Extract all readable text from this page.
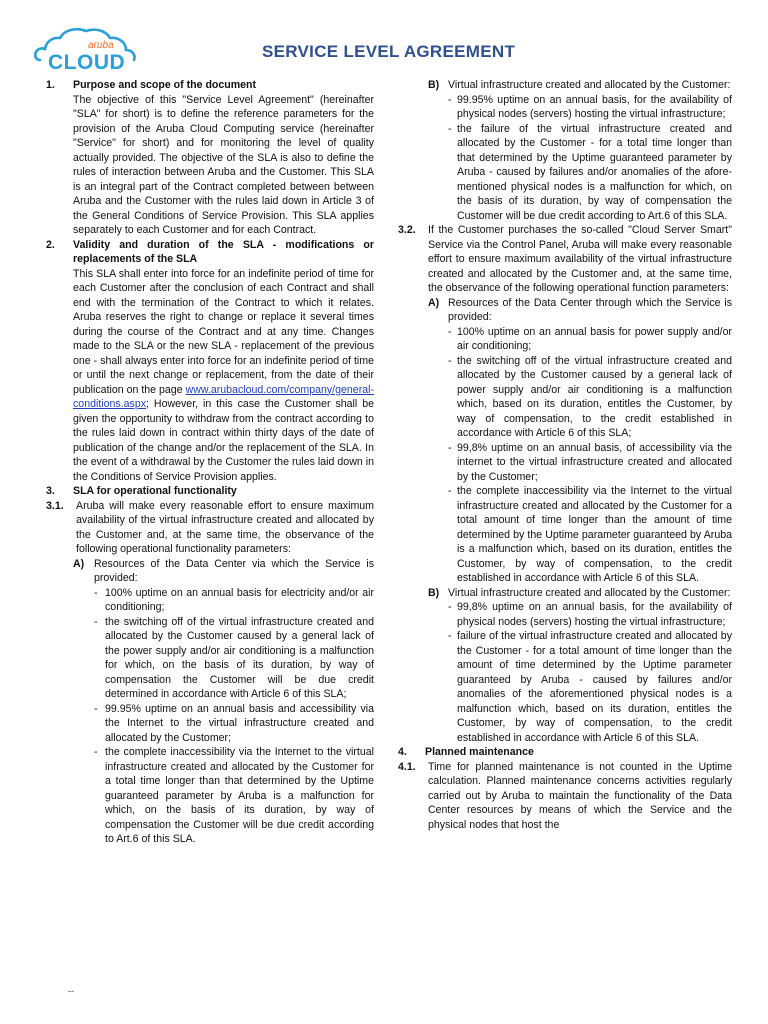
aruba
CLOUD	SERVICE LEVEL AGREEMENT

1. Purpose and scope of the document

The objective of this "Service Level Agreement" (hereinafter "SLA" for short) is to define the reference parameters for the provision of the Aruba Cloud Computing service (hereinafter "Service" for short) and for monitoring the level of quality actually provided. The objective of the SLA is also to define the rules of interaction between Aruba and the Customer. This SLA is an integral part of the Contract completed between between Aruba and the Customer with the rules laid down in Article 3 of the General Conditions of Service Provision. This SLA applies separately to each Customer and for each Contract.

2. Validity and duration of the SLA - modifications or replacements of the SLA

This SLA shall enter into force for an indefinite period of time for each Customer after the conclusion of each Contract and shall end with the termination of the Contract to which it relates. Aruba reserves the right to change or replace it several times during the course of the Contract and at any time. Changes made to the SLA or the new SLA - replacement of the previous one - shall always enter into force for an indefinite period of time or until the next change or replacement, from the date of their publication on the page www.arubacloud.com/company/general-conditions.aspx; However, in this case the Customer shall be given the opportunity to withdraw from the contract according to the rules laid down in contract within thirty days of the date of publication of the change and/or the replacement of the SLA. In the event of a withdrawal by the Customer the rules laid down in the Conditions of Service Provision applies.

3. SLA for operational functionality

3.1. Aruba will make every reasonable effort to ensure maximum availability of the virtual infrastructure created and allocated by the Customer and, at the same time, the observance of the following operational functionality parameters:

A) Resources of the Data Center via which the Service is provided:

- 100% uptime on an annual basis for electricity and/or air conditioning;
- the switching off of the virtual infrastructure created and allocated by the Customer caused by a general lack of the power supply and/or air conditioning is a malfunction for which, on the basis of its duration, by way of compensation the Customer will be due credit determined in accordance with Article 6 of this SLA;
- 99.95% uptime on an annual basis and accessibility via the Internet to the virtual infrastructure created and allocated by the Customer;
- the complete inaccessibility via the Internet to the virtual infrastructure created and allocated by the Customer for a total time longer than that determined by the Uptime guaranteed parameter by Aruba is a malfunction for which, on the basis of its duration, by way of compensation the Customer will be due credit according to Art.6 of this SLA.

B) Virtual infrastructure created and allocated by the Customer:

- 99.95% uptime on an annual basis, for the availability of physical nodes (servers) hosting the virtual infrastructure;
- the failure of the virtual infrastructure created and allocated by the Customer - for a total time longer than that determined by the Uptime guaranteed parameter by Aruba - caused by failures and/or anomalies of the afore-mentioned physical nodes is a malfunction for which, on the basis of its duration, by way of compensation the Customer will be due credit according to Art.6 of this SLA.

3.2. If the Customer purchases the so-called "Cloud Server Smart" Service via the Control Panel, Aruba will make every reasonable effort to ensure maximum availability of the virtual infrastructure created and allocated by the Customer and, at the same time, the observance of the following operational function parameters:

A) Resources of the Data Center through which the Service is provided:

- 100% uptime on an annual basis for power supply and/or air conditioning;
- the switching off of the virtual infrastructure created and allocated by the Customer caused by a general lack of power supply and/or air conditioning is a malfunction which, based on its duration, entitles the Customer, by way of compensation, to the credit established in accordance with Article 6 of this SLA;
- 99,8% uptime on an annual basis, of accessibility via the internet to the virtual infrastructure created and allocated by the Customer;
- the complete inaccessibility via the Internet to the virtual infrastructure created and allocated by the Customer for a total amount of time longer than the amount of time determined by the Uptime parameter guaranteed by Aruba is a malfunction which, based on its duration, entitles the Customer, by way of compensation, to the credit established in accordance with Article 6 of this SLA.

B) Virtual infrastructure created and allocated by the Customer:

- 99,8% uptime on an annual basis, for the availability of physical nodes (servers) hosting the virtual infrastructure;
- failure of the virtual infrastructure created and allocated by the Customer - for a total amount of time longer than the amount of time determined by the Uptime parameter guaranteed by Aruba - caused by failures and/or anomalies of the aforementioned physical nodes is a malfunction which, based on its duration, entitles the Customer, by way of compensation, to the credit established in accordance with Article 6 of this SLA.

4. Planned maintenance

4.1. Time for planned maintenance is not counted in the Uptime calculation. Planned maintenance concerns activities regularly carried out by Aruba to maintain the functionality of the Data Center resources by means of which the Service and the physical nodes that host the

--
